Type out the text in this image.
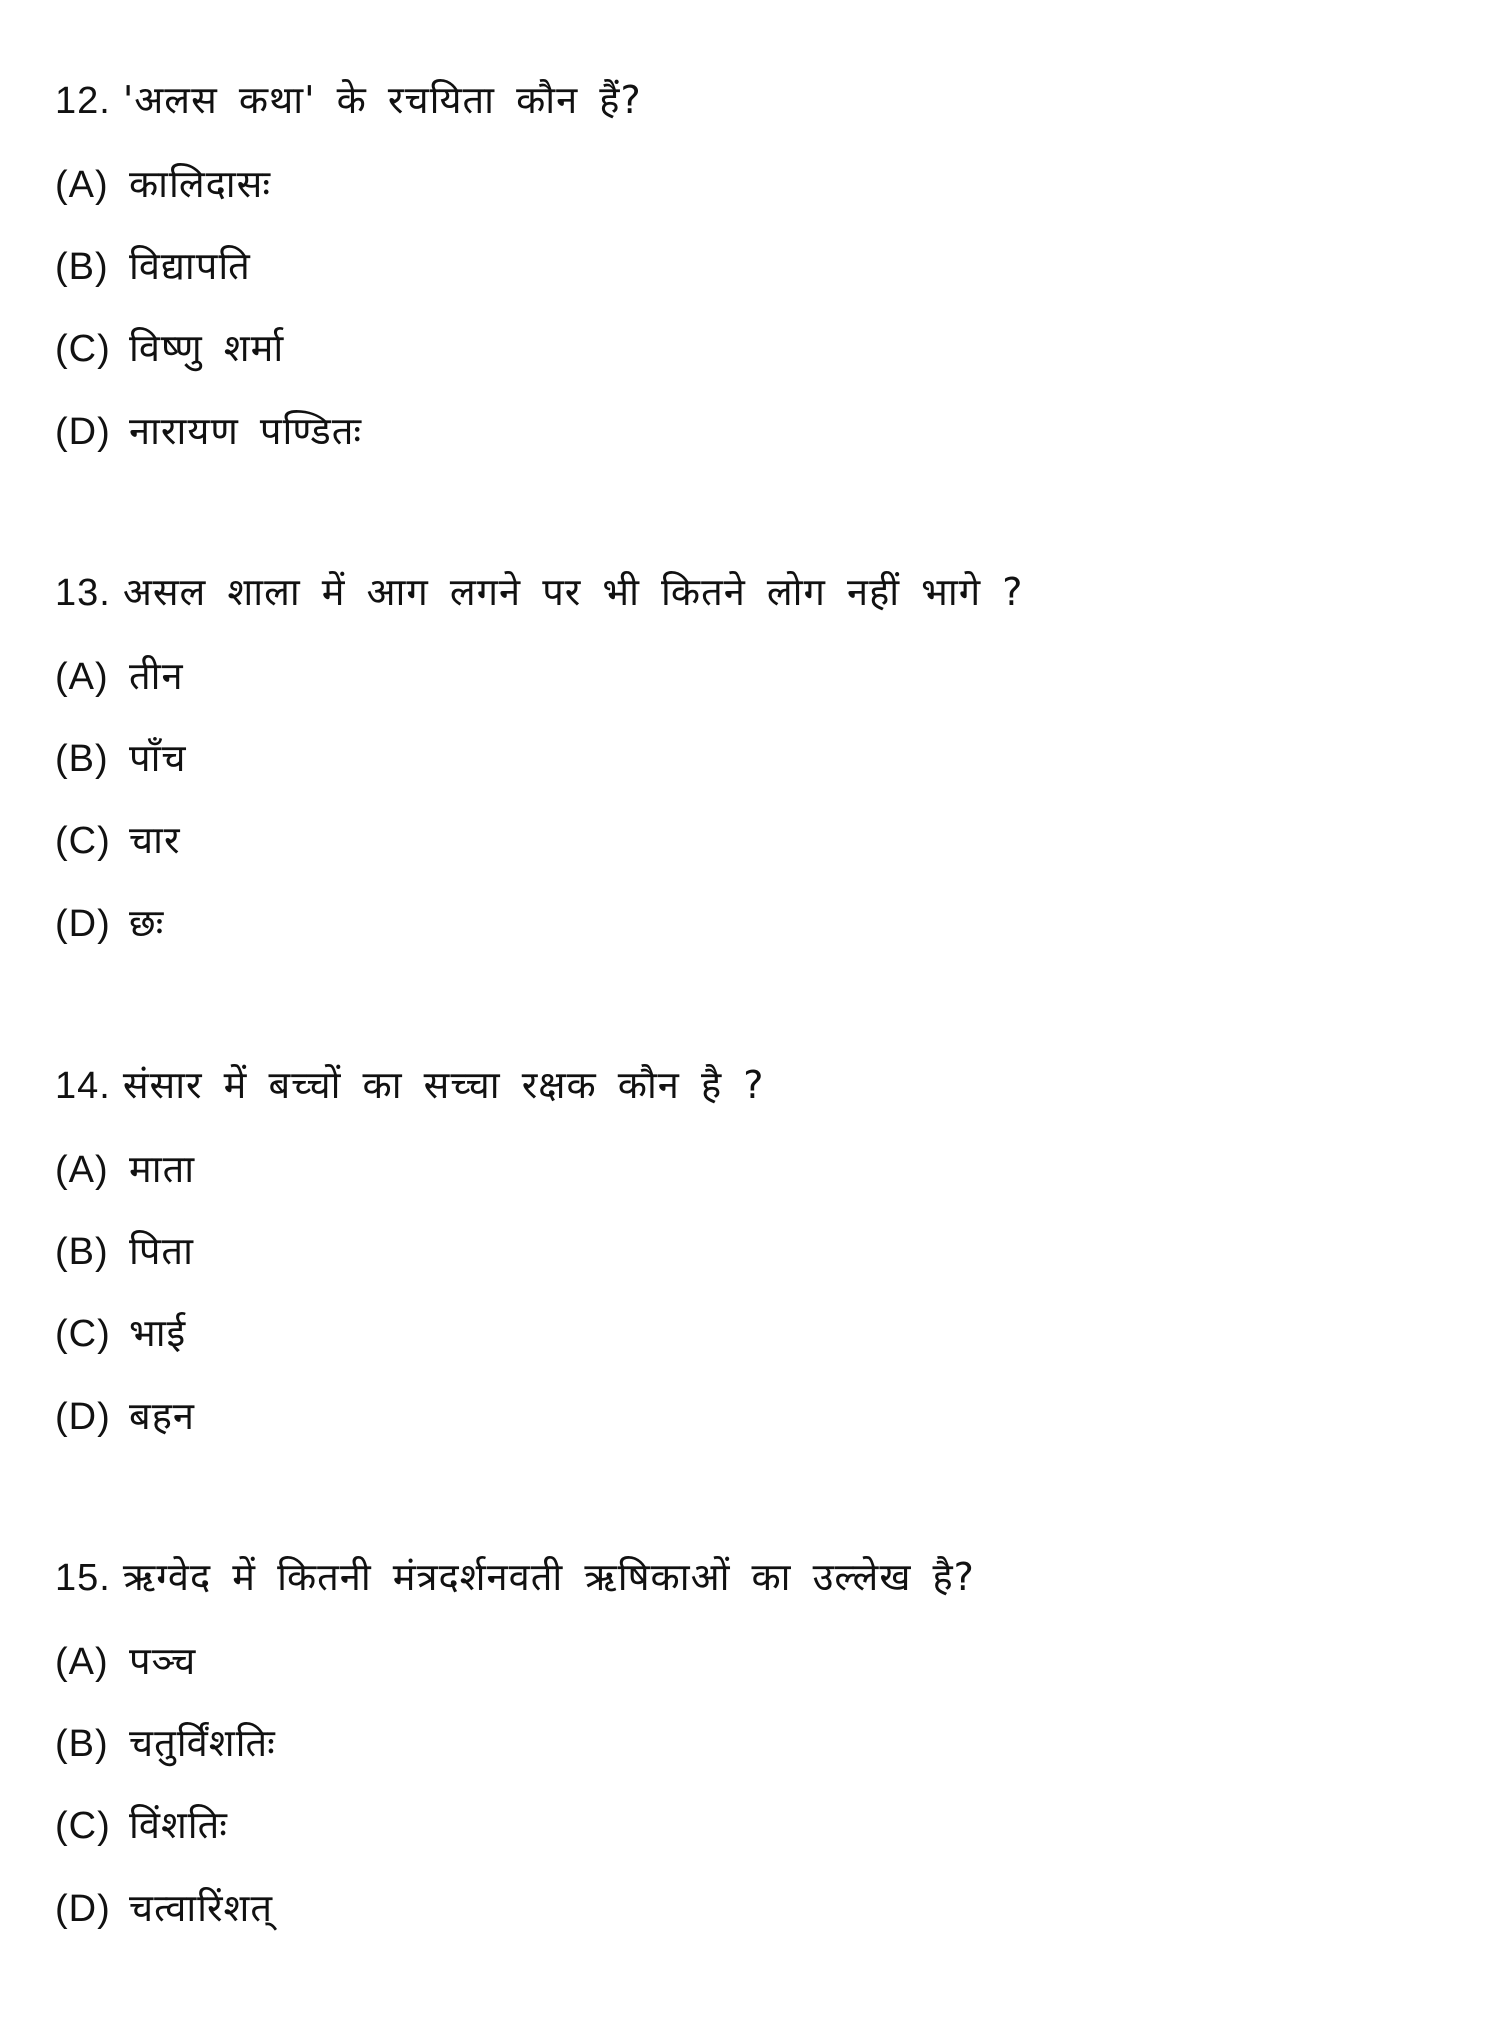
12. 'अलस कथा' के रचयिता कौन हैं?
(A) कालिदासः
(B) विद्यापति
(C) विष्णु शर्मा
(D) नारायण पण्डितः
13. असल शाला में आग लगने पर भी कितने लोग नहीं भागे ?
(A) तीन
(B) पाँच
(C) चार
(D) छः
14. संसार में बच्चों का सच्चा रक्षक कौन है ?
(A) माता
(B) पिता
(C) भाई
(D) बहन
15. ऋग्वेद में कितनी मंत्रदर्शनवती ऋषिकाओं का उल्लेख है?
(A) पञ्च
(B) चतुर्विंशतिः
(C) विंशतिः
(D) चत्वारिंशत्
